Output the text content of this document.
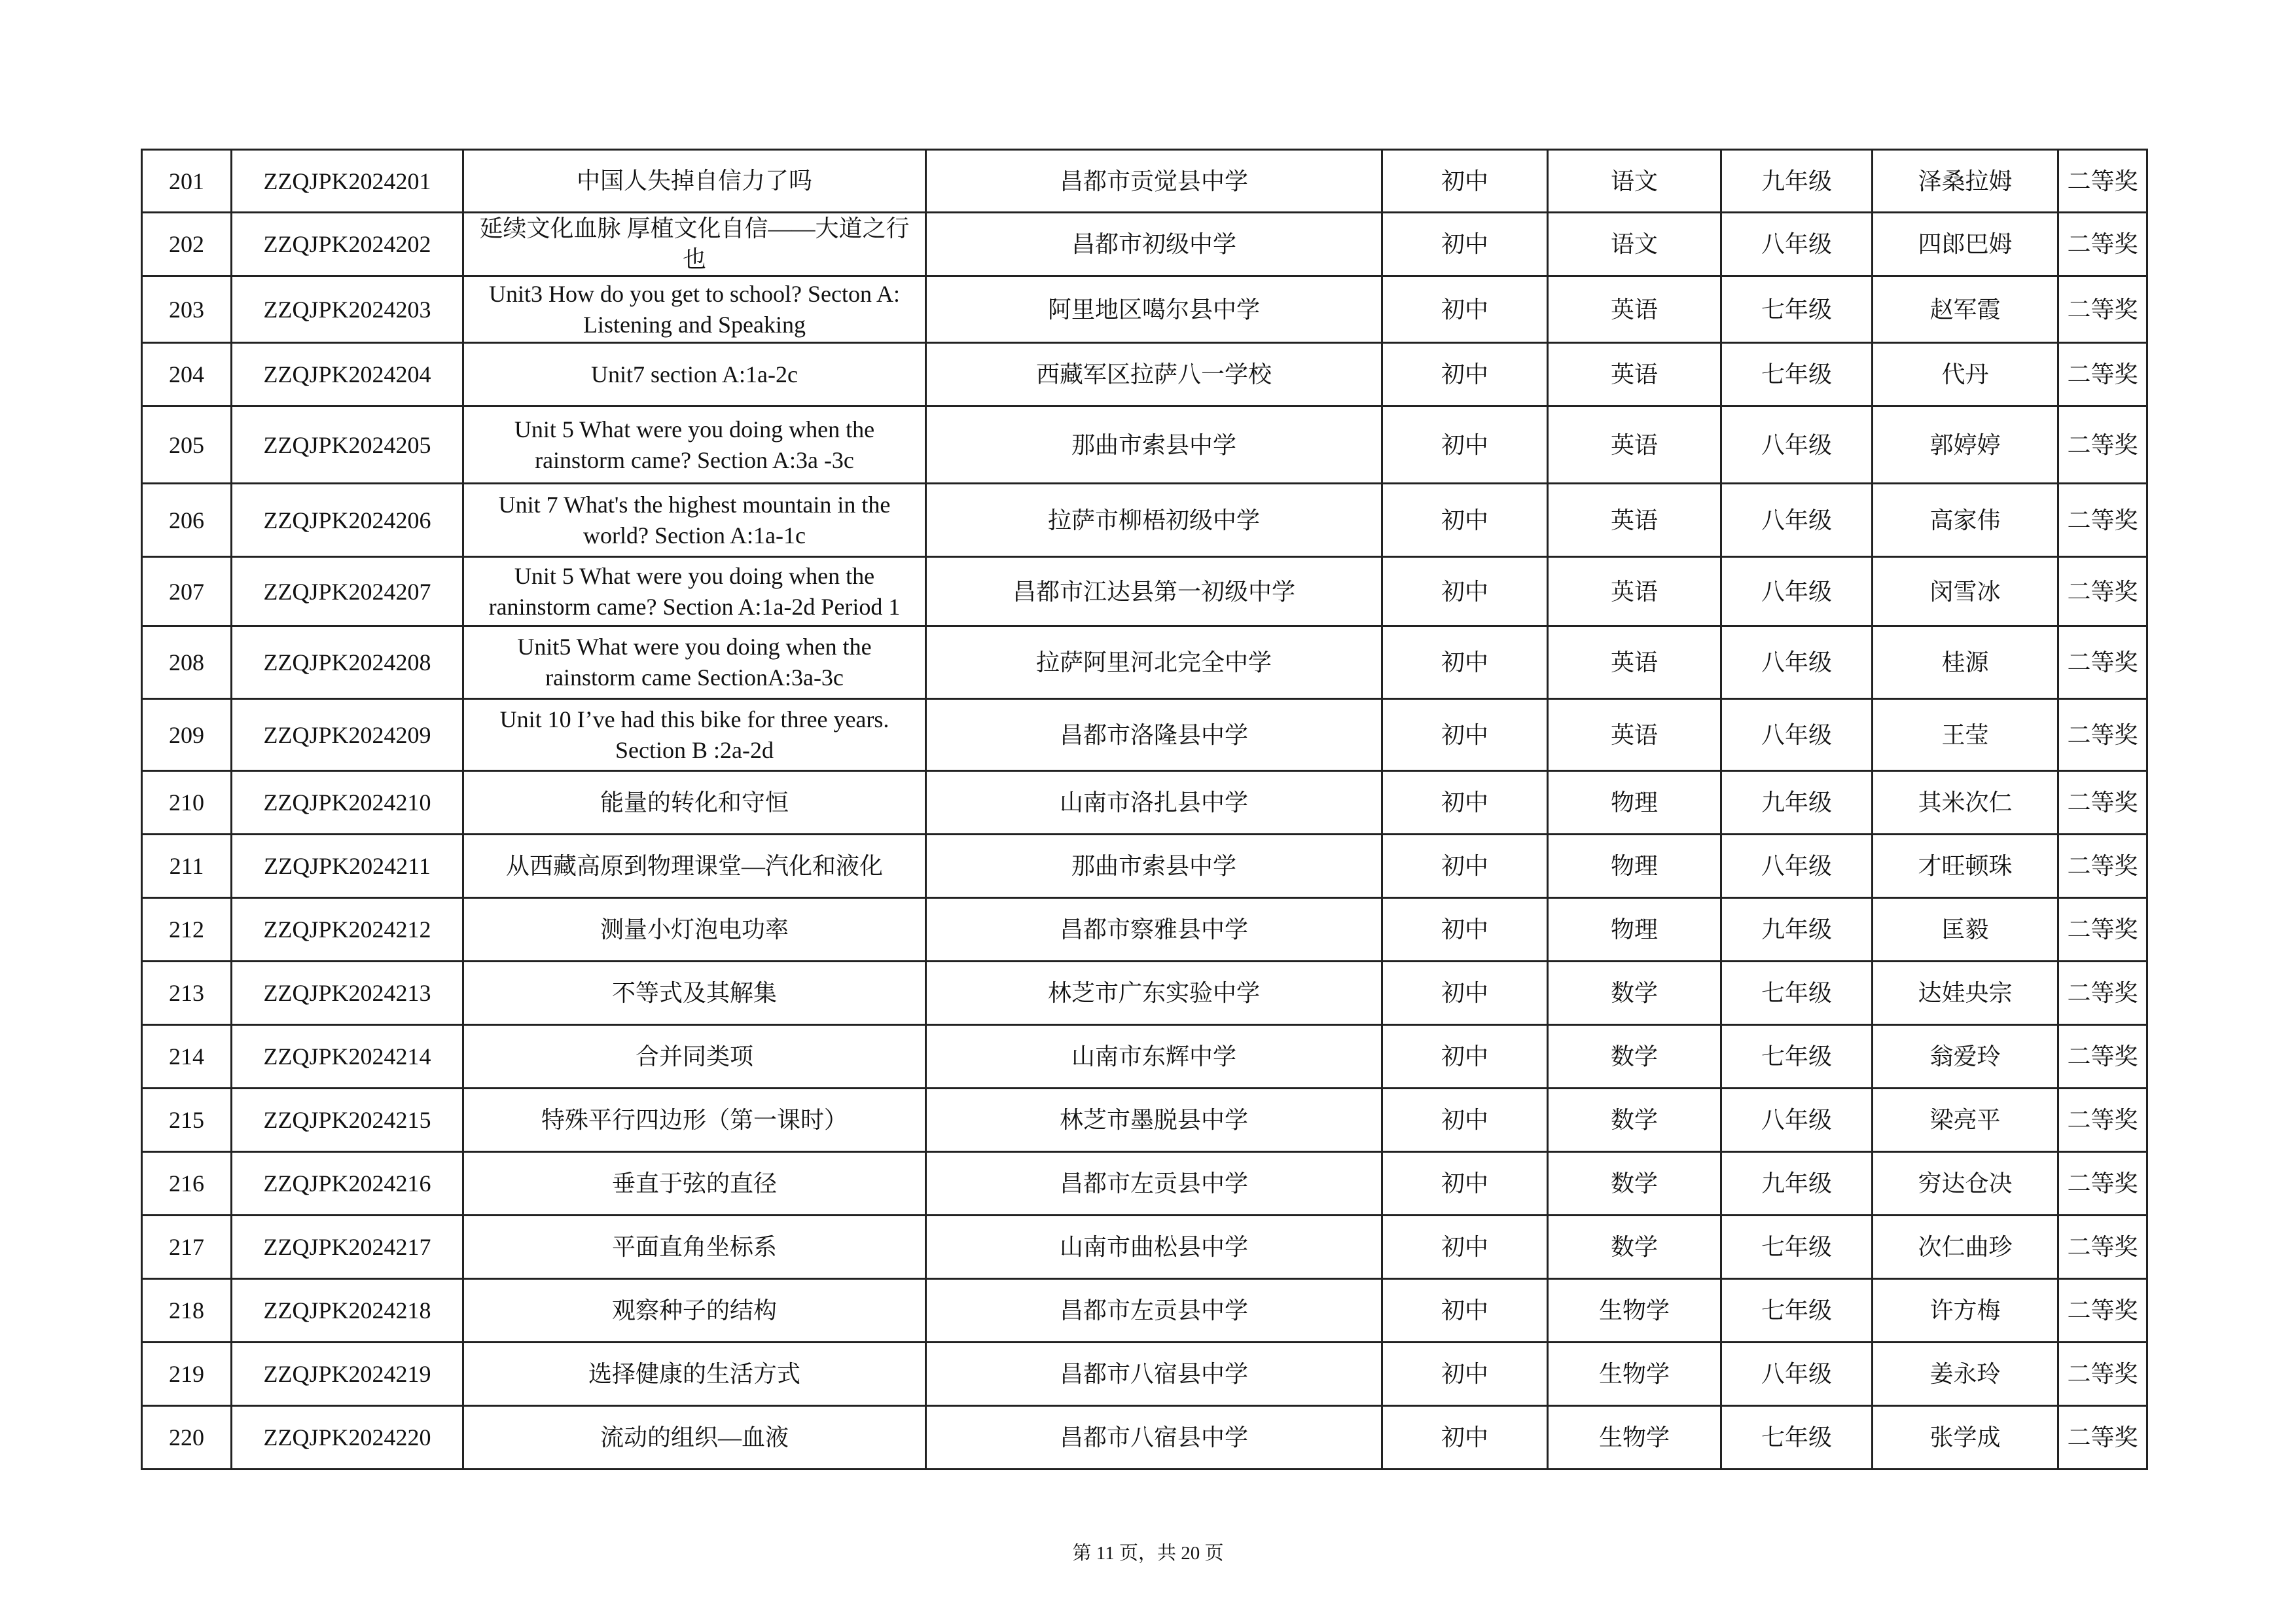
201	ZZQJPK2024201	中国人失掉自信力了吗	昌都市贡觉县中学	初中	语文	九年级	泽桑拉姆	二等奖
202	ZZQJPK2024202	延续文化血脉 厚植文化自信——大道之行也	昌都市初级中学	初中	语文	八年级	四郎巴姆	二等奖
203	ZZQJPK2024203	Unit3 How do you get to school? Secton A: Listening and Speaking	阿里地区噶尔县中学	初中	英语	七年级	赵军霞	二等奖
204	ZZQJPK2024204	Unit7 section A:1a-2c	西藏军区拉萨八一学校	初中	英语	七年级	代丹	二等奖
205	ZZQJPK2024205	Unit 5 What were you doing when the rainstorm came? Section A:3a -3c	那曲市索县中学	初中	英语	八年级	郭婷婷	二等奖
206	ZZQJPK2024206	Unit 7 What's the highest mountain in the world? Section A:1a-1c	拉萨市柳梧初级中学	初中	英语	八年级	高家伟	二等奖
207	ZZQJPK2024207	Unit 5 What were you doing when the raninstorm came? Section A:1a-2d Period 1	昌都市江达县第一初级中学	初中	英语	八年级	闵雪冰	二等奖
208	ZZQJPK2024208	Unit5 What were you doing when the rainstorm came SectionA:3a-3c	拉萨阿里河北完全中学	初中	英语	八年级	桂源	二等奖
209	ZZQJPK2024209	Unit 10 I’ve had this bike for three years. Section B :2a-2d	昌都市洛隆县中学	初中	英语	八年级	王莹	二等奖
210	ZZQJPK2024210	能量的转化和守恒	山南市洛扎县中学	初中	物理	九年级	其米次仁	二等奖
211	ZZQJPK2024211	从西藏高原到物理课堂—汽化和液化	那曲市索县中学	初中	物理	八年级	才旺顿珠	二等奖
212	ZZQJPK2024212	测量小灯泡电功率	昌都市察雅县中学	初中	物理	九年级	匡毅	二等奖
213	ZZQJPK2024213	不等式及其解集	林芝市广东实验中学	初中	数学	七年级	达娃央宗	二等奖
214	ZZQJPK2024214	合并同类项	山南市东辉中学	初中	数学	七年级	翁爱玲	二等奖
215	ZZQJPK2024215	特殊平行四边形（第一课时）	林芝市墨脱县中学	初中	数学	八年级	梁亮平	二等奖
216	ZZQJPK2024216	垂直于弦的直径	昌都市左贡县中学	初中	数学	九年级	穷达仓决	二等奖
217	ZZQJPK2024217	平面直角坐标系	山南市曲松县中学	初中	数学	七年级	次仁曲珍	二等奖
218	ZZQJPK2024218	观察种子的结构	昌都市左贡县中学	初中	生物学	七年级	许方梅	二等奖
219	ZZQJPK2024219	选择健康的生活方式	昌都市八宿县中学	初中	生物学	八年级	姜永玲	二等奖
220	ZZQJPK2024220	流动的组织—血液	昌都市八宿县中学	初中	生物学	七年级	张学成	二等奖
第 11 页，共 20 页
